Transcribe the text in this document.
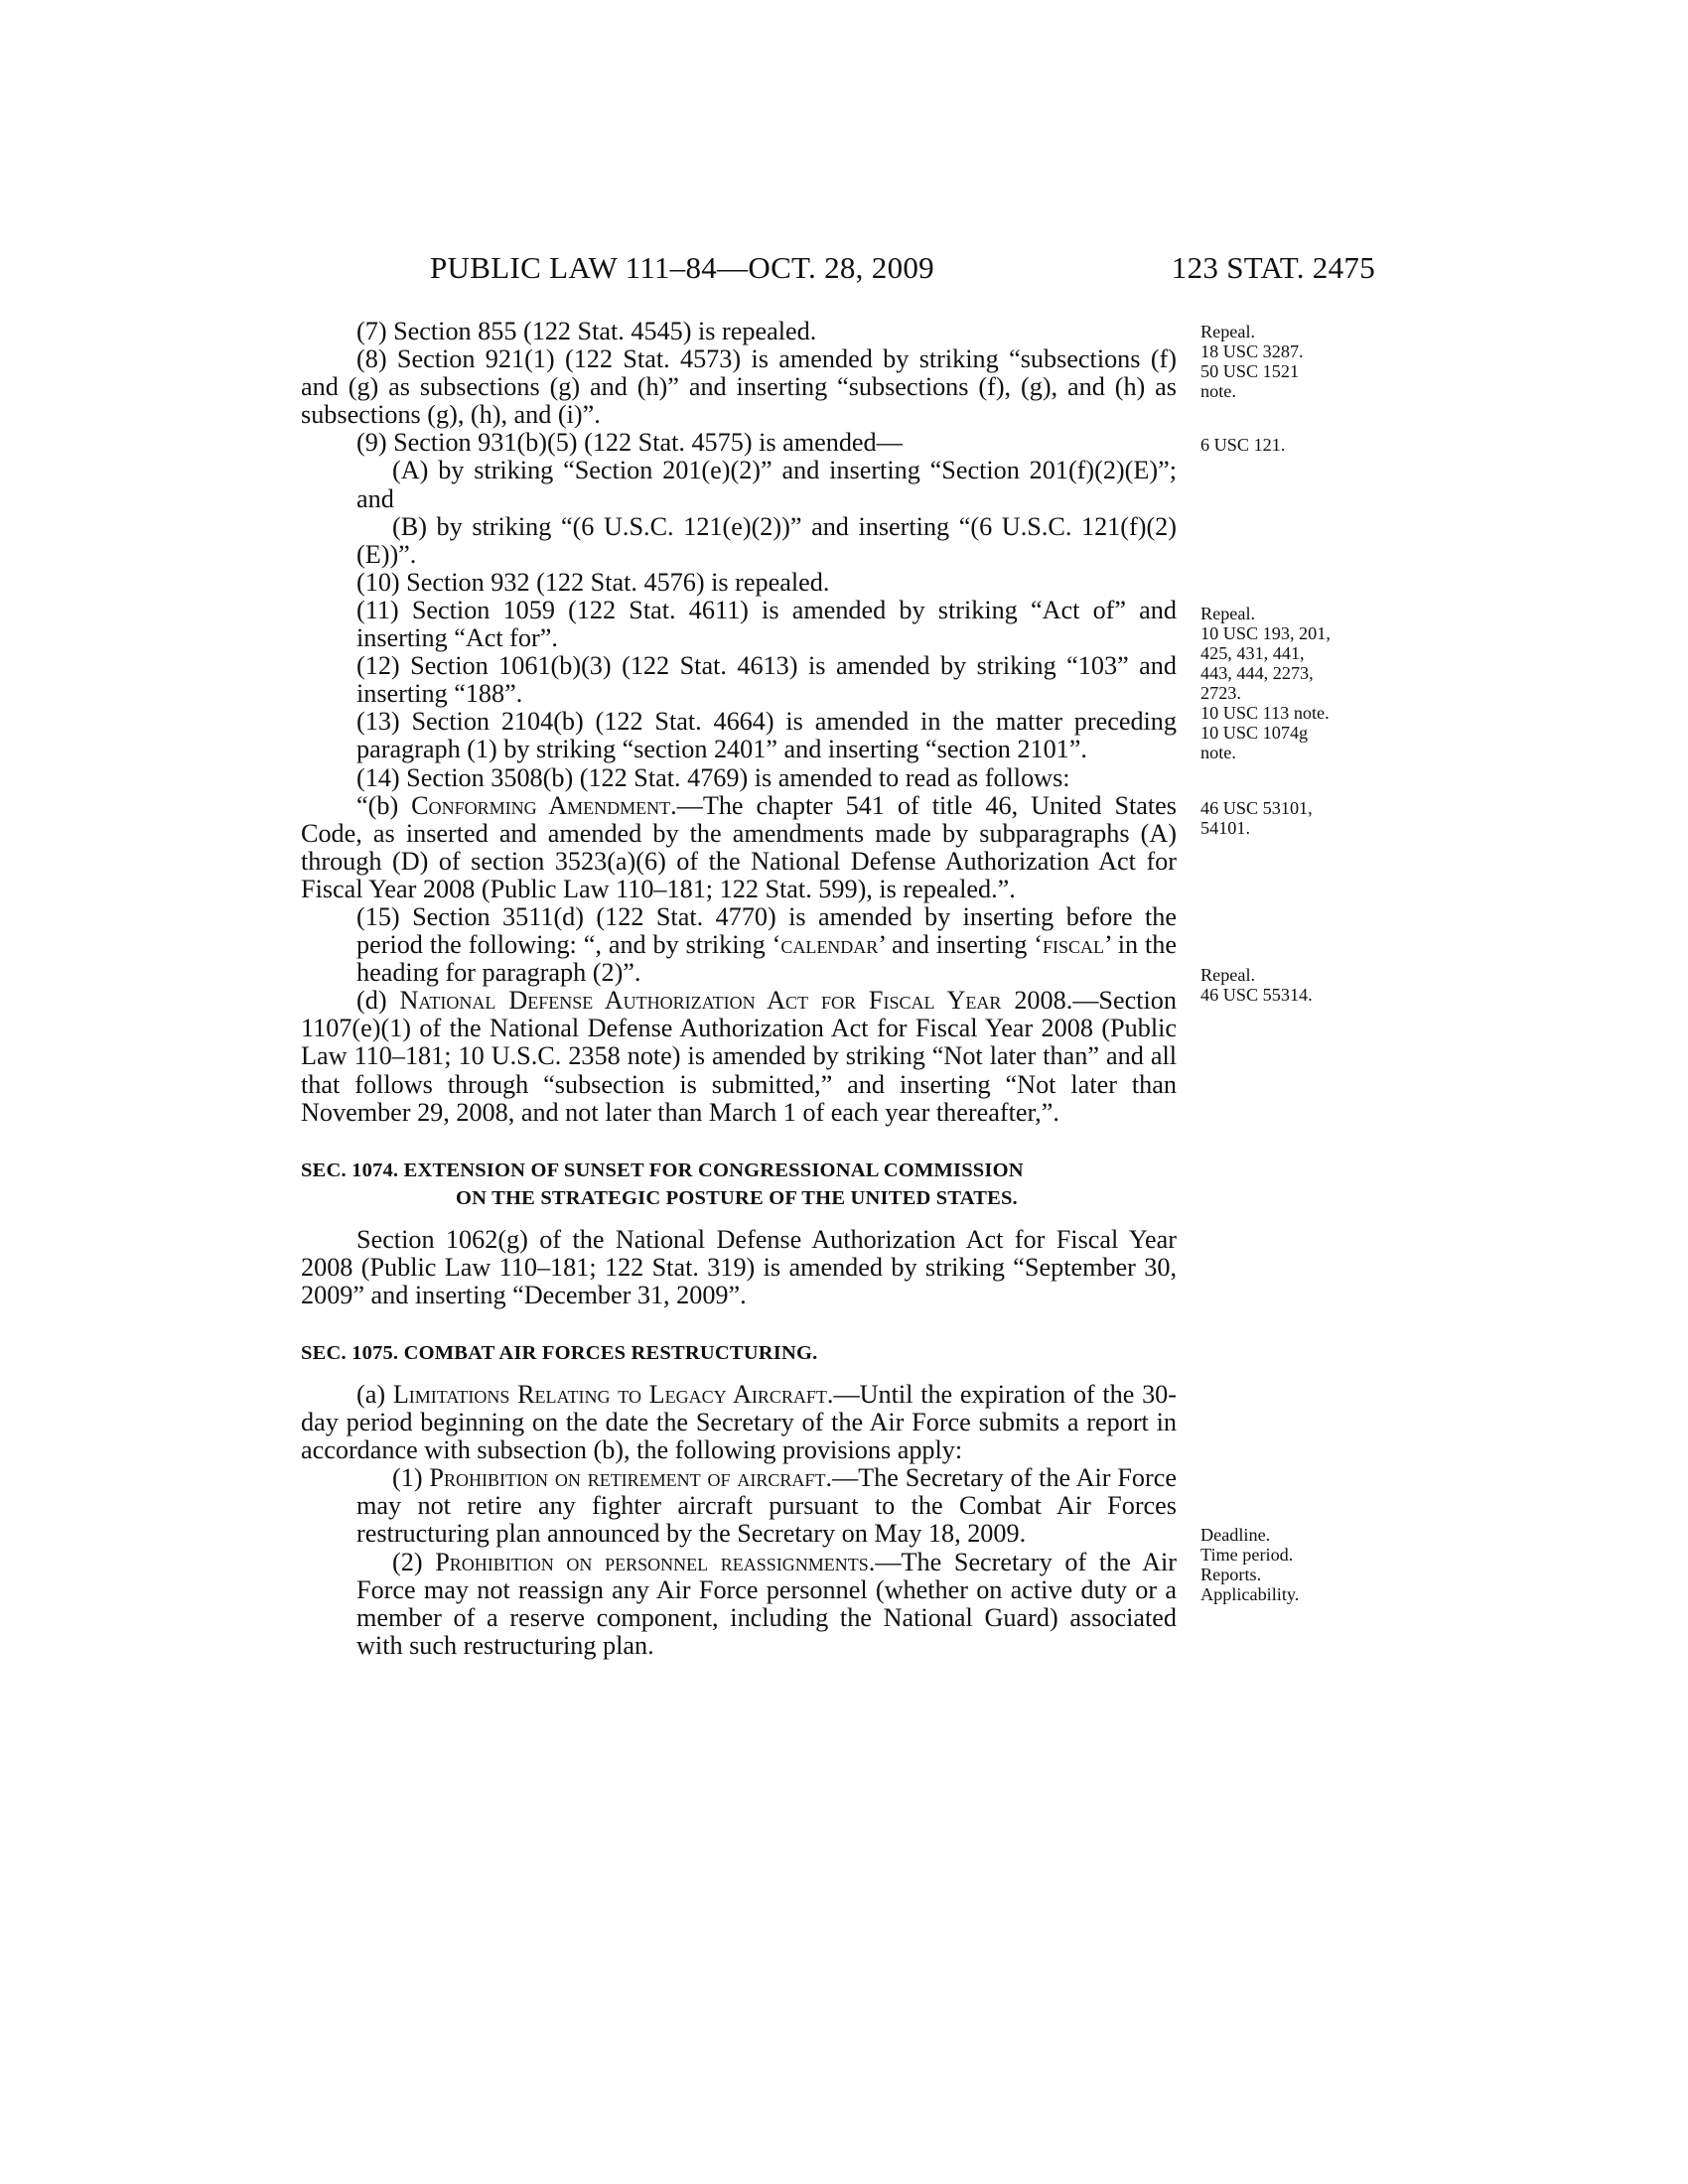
PUBLIC LAW 111–84—OCT. 28, 2009	123 STAT. 2475

(7) Section 855 (122 Stat. 4545) is repealed.

(8) Section 921(1) (122 Stat. 4573) is amended by striking “subsections (f) and (g) as subsections (g) and (h)” and inserting “subsections (f), (g), and (h) as subsections (g), (h), and (i)”.

(9) Section 931(b)(5) (122 Stat. 4575) is amended—

(A) by striking “Section 201(e)(2)” and inserting “Section 201(f)(2)(E)”; and

(B) by striking “(6 U.S.C. 121(e)(2))” and inserting “(6 U.S.C. 121(f)(2)(E))”.

(10) Section 932 (122 Stat. 4576) is repealed.

(11) Section 1059 (122 Stat. 4611) is amended by striking “Act of” and inserting “Act for”.

(12) Section 1061(b)(3) (122 Stat. 4613) is amended by striking “103” and inserting “188”.

(13) Section 2104(b) (122 Stat. 4664) is amended in the matter preceding paragraph (1) by striking “section 2401” and inserting “section 2101”.

(14) Section 3508(b) (122 Stat. 4769) is amended to read as follows:

“(b) Conforming Amendment.—The chapter 541 of title 46, United States Code, as inserted and amended by the amendments made by subparagraphs (A) through (D) of section 3523(a)(6) of the National Defense Authorization Act for Fiscal Year 2008 (Public Law 110–181; 122 Stat. 599), is repealed.”.

(15) Section 3511(d) (122 Stat. 4770) is amended by inserting before the period the following: “, and by striking ‘calendar’ and inserting ‘fiscal’ in the heading for paragraph (2)”.

(d) National Defense Authorization Act for Fiscal Year 2008.—Section 1107(e)(1) of the National Defense Authorization Act for Fiscal Year 2008 (Public Law 110–181; 10 U.S.C. 2358 note) is amended by striking “Not later than” and all that follows through “subsection is submitted,” and inserting “Not later than November 29, 2008, and not later than March 1 of each year thereafter,”.

SEC. 1074. EXTENSION OF SUNSET FOR CONGRESSIONAL COMMISSION
ON THE STRATEGIC POSTURE OF THE UNITED STATES.

Section 1062(g) of the National Defense Authorization Act for Fiscal Year 2008 (Public Law 110–181; 122 Stat. 319) is amended by striking “September 30, 2009” and inserting “December 31, 2009”.

SEC. 1075. COMBAT AIR FORCES RESTRUCTURING.

(a) Limitations Relating to Legacy Aircraft.—Until the expiration of the 30-day period beginning on the date the Secretary of the Air Force submits a report in accordance with subsection (b), the following provisions apply:

(1) Prohibition on retirement of aircraft.—The Secretary of the Air Force may not retire any fighter aircraft pursuant to the Combat Air Forces restructuring plan announced by the Secretary on May 18, 2009.

(2) Prohibition on personnel reassignments.—The Secretary of the Air Force may not reassign any Air Force personnel (whether on active duty or a member of a reserve component, including the National Guard) associated with such restructuring plan.

Repeal.
18 USC 3287.
50 USC 1521
note.
6 USC 121.
Repeal.
10 USC 193, 201,
425, 431, 441,
443, 444, 2273,
2723.
10 USC 113 note.
10 USC 1074g
note.
46 USC 53101,
54101.
Repeal.
46 USC 55314.
Deadline.
Time period.
Reports.
Applicability.
